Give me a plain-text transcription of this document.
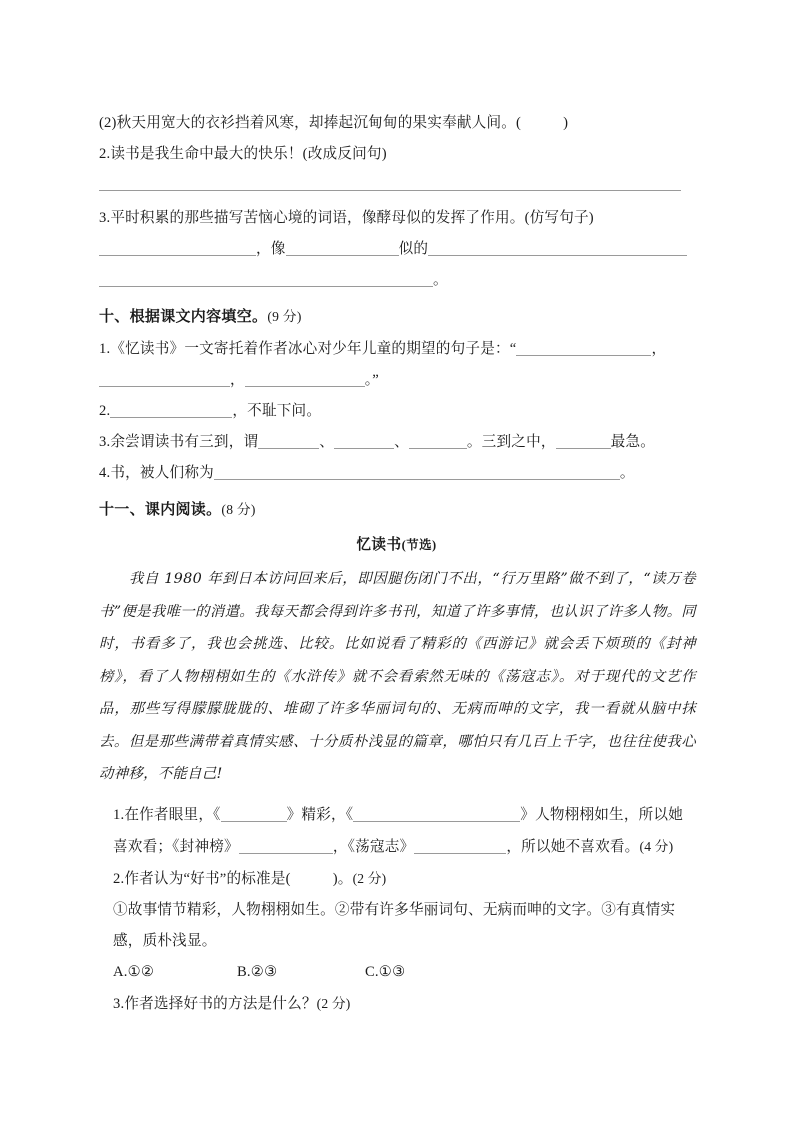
(2)秋天用宽大的衣衫挡着风寒，却捧起沉甸甸的果实奉献人间。(	)
2.读书是我生命中最大的快乐！(改成反问句)
3.平时积累的那些描写苦恼心境的词语，像酵母似的发挥了作用。(仿写句子)
，像	似的
。
十、根据课文内容填空。(9 分)
1.《忆读书》一文寄托着作者冰心对少年儿童的期望的句子是：“	，
，	。”
2.	，不耻下问。
3.余尝谓读书有三到，谓	、	、	。三到之中，	最急。
4.书，被人们称为	。
十一、课内阅读。(8 分)
忆读书(节选)
我自 1980 年到日本访问回来后，即因腿伤闭门不出，“行万里路”做不到了，“读万卷书”便是我唯一的消遣。我每天都会得到许多书刊，知道了许多事情，也认识了许多人物。同时，书看多了，我也会挑选、比较。比如说看了精彩的《西游记》就会丢下烦琐的《封神榜》，看了人物栩栩如生的《水浒传》就不会看索然无味的《荡寇志》。对于现代的文艺作品，那些写得朦朦胧胧的、堆砌了许多华丽词句的、无病而呻的文字，我一看就从脑中抹去。但是那些满带着真情实感、十分质朴浅显的篇章，哪怕只有几百上千字，也往往使我心动神移，不能自己!
1.在作者眼里，《	》精彩，《	》人物栩栩如生，所以她喜欢看；《封神榜》	，《荡寇志》	，所以她不喜欢看。(4 分)
2.作者认为“好书”的标准是(	)。(2 分)
①故事情节精彩，人物栩栩如生。②带有许多华丽词句、无病而呻的文字。③有真情实感，质朴浅显。
A.①②	B.②③	C.①③
3.作者选择好书的方法是什么？(2 分)
